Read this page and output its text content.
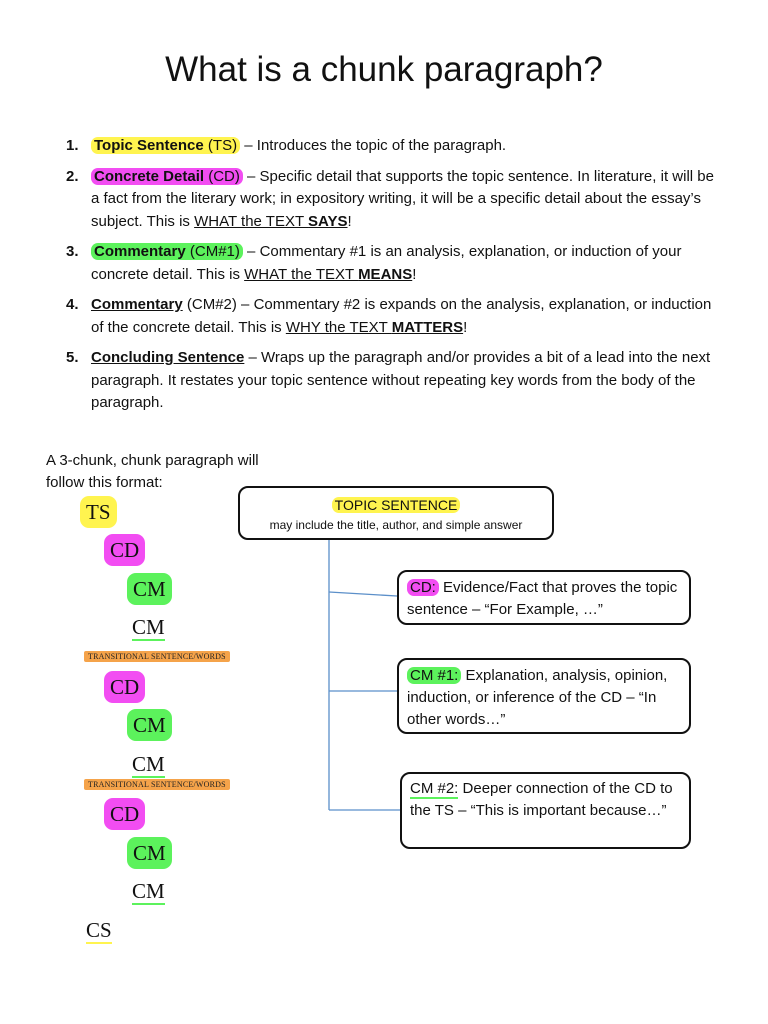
What is a chunk paragraph?
1. Topic Sentence (TS) – Introduces the topic of the paragraph.
2. Concrete Detail (CD) – Specific detail that supports the topic sentence. In literature, it will be a fact from the literary work; in expository writing, it will be a specific detail about the essay’s subject. This is WHAT the TEXT SAYS!
3. Commentary (CM#1) – Commentary #1 is an analysis, explanation, or induction of your concrete detail. This is WHAT the TEXT MEANS!
4. Commentary (CM#2) – Commentary #2 is expands on the analysis, explanation, or induction of the concrete detail. This is WHY the TEXT MATTERS!
5. Concluding Sentence – Wraps up the paragraph and/or provides a bit of a lead into the next paragraph. It restates your topic sentence without repeating key words from the body of the paragraph.

A 3-chunk, chunk paragraph will follow this format:

TS
CD
CM
CM
TRANSITIONAL SENTENCE/WORDS
CD
CM
CM
TRANSITIONAL SENTENCE/WORDS
CD
CM
CM
CS
TOPIC SENTENCE
may include the title, author, and simple answer
CD: Evidence/Fact that proves the topic sentence – “For Example, …”
CM #1: Explanation, analysis, opinion, induction, or inference of the CD – “In other words…”
CM #2: Deeper connection of the CD to the TS – “This is important because…”
